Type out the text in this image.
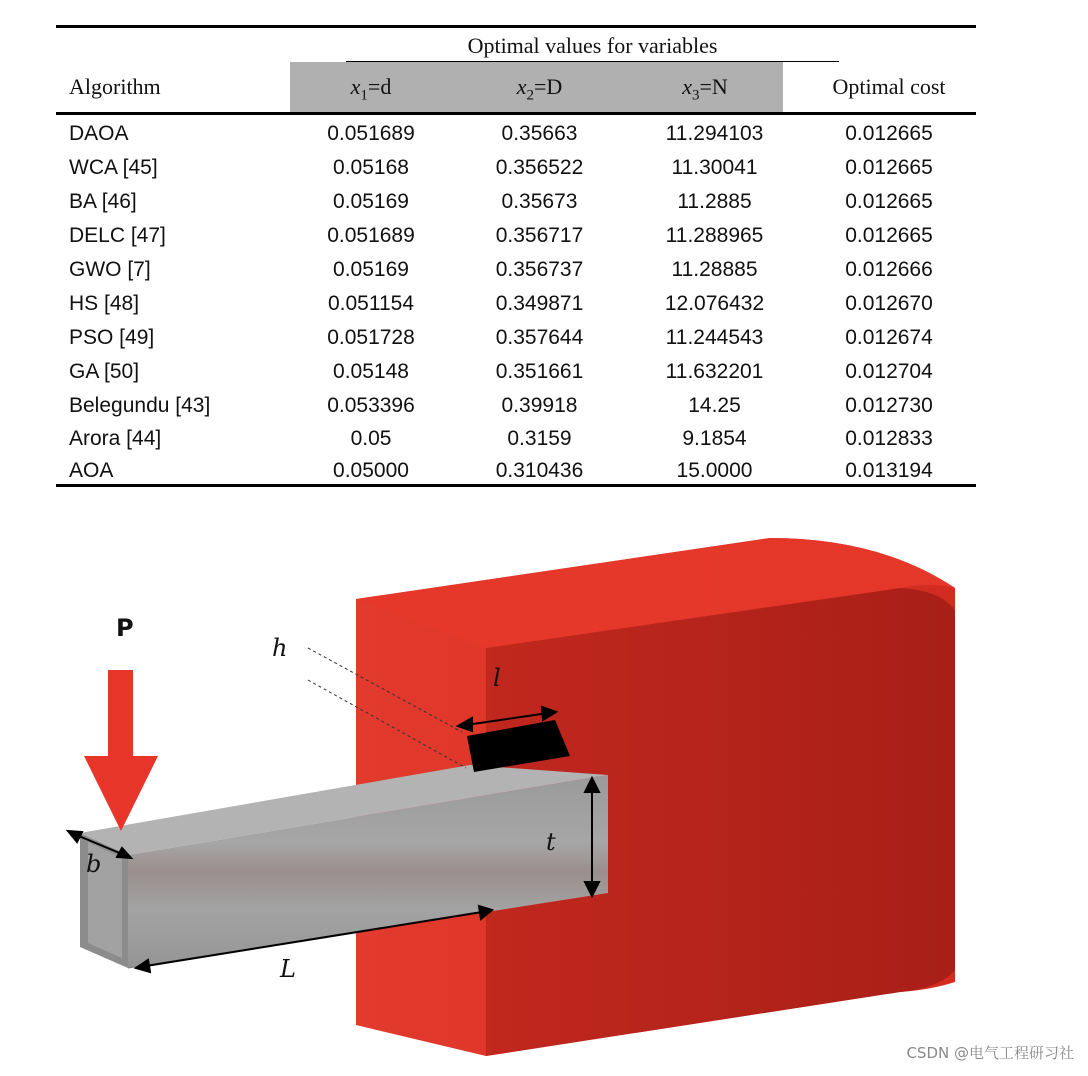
Optimal values for variables
Algorithm	$x_1=d$	$x_2=D$	$x_3=N$	Optimal cost
DAOA	0.051689	0.35663	11.294103	0.012665
WCA [45]	0.05168	0.356522	11.30041	0.012665
BA [46]	0.05169	0.35673	11.2885	0.012665
DELC [47]	0.051689	0.356717	11.288965	0.012665
GWO [7]	0.05169	0.356737	11.28885	0.012666
HS [48]	0.051154	0.349871	12.076432	0.012670
PSO [49]	0.051728	0.357644	11.244543	0.012674
GA [50]	0.05148	0.351661	11.632201	0.012704
Belegundu [43]	0.053396	0.39918	14.25	0.012730
Arora [44]	0.05	0.3159	9.1854	0.012833
AOA	0.05000	0.310436	15.0000	0.013194
P
h
l
t
b
L
CSDN @电气工程研习社
